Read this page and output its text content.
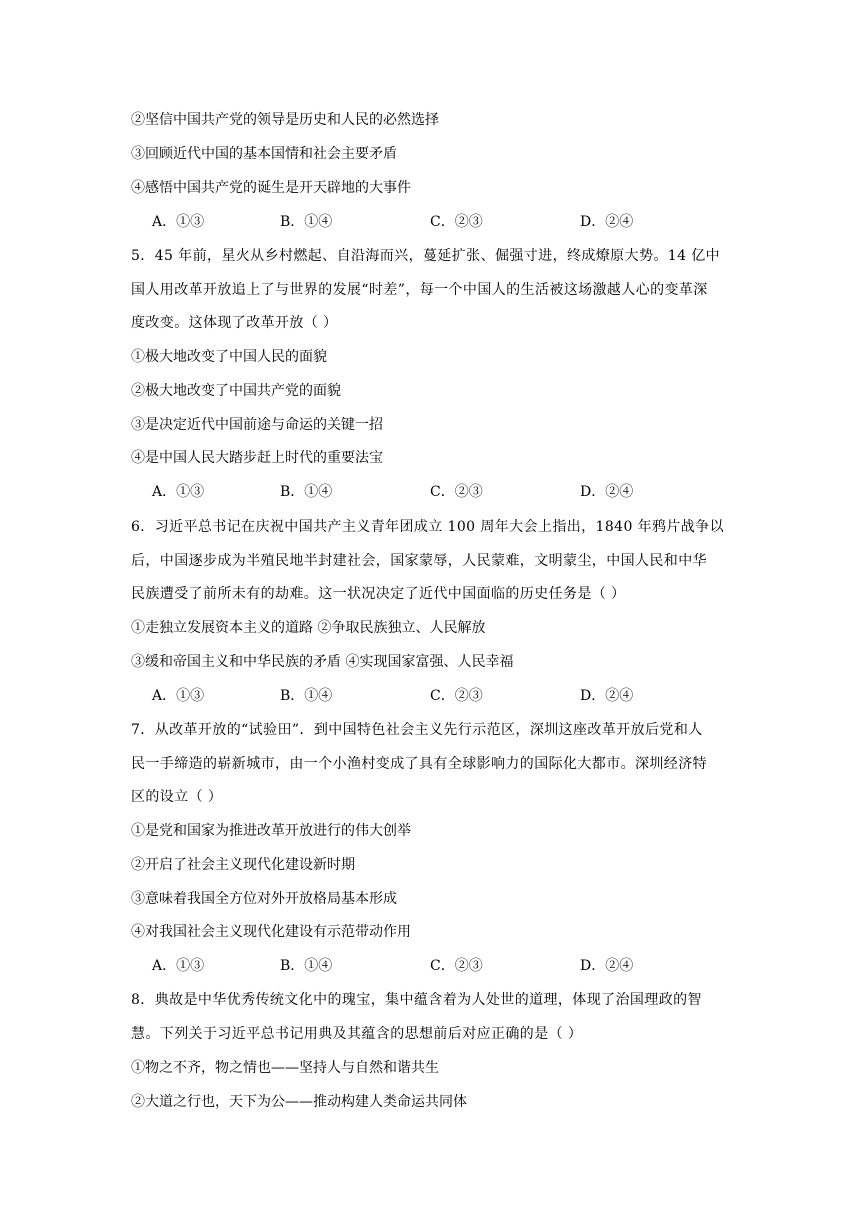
②坚信中国共产党的领导是历史和人民的必然选择
③回顾近代中国的基本国情和社会主要矛盾
④感悟中国共产党的诞生是开天辟地的大事件
A．①③	B．①④	C．②③	D．②④
5．45 年前，星火从乡村燃起、自沿海而兴，蔓延扩张、倔强寸进，终成燎原大势。14 亿中
国人用改革开放追上了与世界的发展“时差”，每一个中国人的生活被这场激越人心的变革深
度改变。这体现了改革开放（ ）
①极大地改变了中国人民的面貌
②极大地改变了中国共产党的面貌
③是决定近代中国前途与命运的关键一招
④是中国人民大踏步赶上时代的重要法宝
A．①③	B．①④	C．②③	D．②④
6．习近平总书记在庆祝中国共产主义青年团成立 100 周年大会上指出，1840 年鸦片战争以
后，中国逐步成为半殖民地半封建社会，国家蒙辱，人民蒙难，文明蒙尘，中国人民和中华
民族遭受了前所未有的劫难。这一状况决定了近代中国面临的历史任务是（ ）
①走独立发展资本主义的道路 ②争取民族独立、人民解放
③缓和帝国主义和中华民族的矛盾 ④实现国家富强、人民幸福
A．①③	B．①④	C．②③	D．②④
7．从改革开放的“试验田”．到中国特色社会主义先行示范区，深圳这座改革开放后党和人
民一手缔造的崭新城市，由一个小渔村变成了具有全球影响力的国际化大都市。深圳经济特
区的设立（ ）
①是党和国家为推进改革开放进行的伟大创举
②开启了社会主义现代化建设新时期
③意味着我国全方位对外开放格局基本形成
④对我国社会主义现代化建设有示范带动作用
A．①③	B．①④	C．②③	D．②④
8．典故是中华优秀传统文化中的瑰宝，集中蕴含着为人处世的道理，体现了治国理政的智
慧。下列关于习近平总书记用典及其蕴含的思想前后对应正确的是（ ）
①物之不齐，物之情也——坚持人与自然和谐共生
②大道之行也，天下为公——推动构建人类命运共同体
